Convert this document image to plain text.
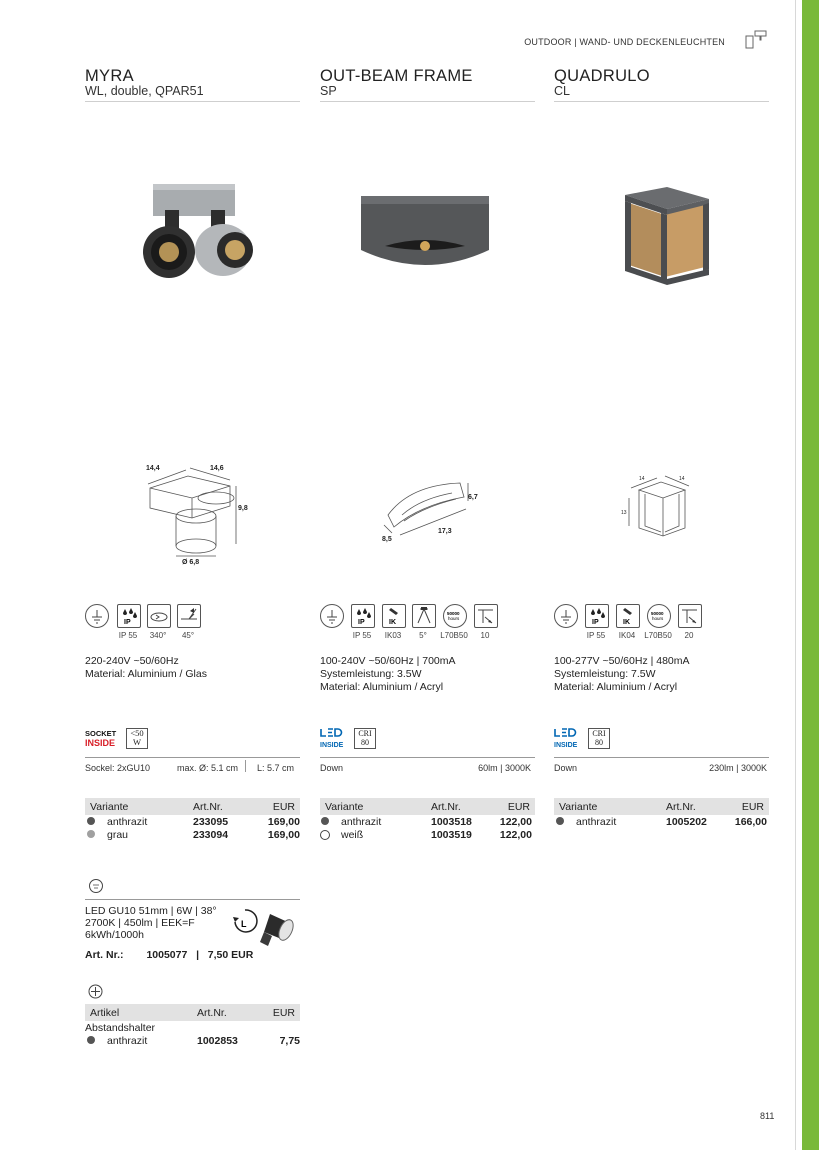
OUTDOOR | WAND- UND DECKENLEUCHTEN
MYRA
WL, double, QPAR51
14,4	14,6
9,8
Ø 6,8
IP
IP 55	340°	45°
220-240V ~50/60Hz
Material: Aluminium / Glas
SOCKET
INSIDE
<50
W
Sockel: 2xGU10	max. Ø: 5.1 cm L: 5.7 cm
Variante	Art.Nr.	EUR
anthrazit	233095	169,00
grau	233094	169,00
LED GU10 51mm | 6W | 38°
2700K | 450lm | EEK=F
6kWh/1000h
L
Art. Nr.: 1005077   |   7,50 EUR
Artikel	Art.Nr.	EUR
Abstandshalter
anthrazit	1002853	7,75
OUT-BEAM FRAME
SP
6,7
17,3
8,5
IP	IK
50000
hours
IP 55	IK03	5°	L70B50	10
100-240V ~50/60Hz | 700mA
Systemleistung: 3.5W
Material: Aluminium / Acryl
INSIDE
CRI
80
Down	60lm | 3000K
Variante	Art.Nr.	EUR
anthrazit	1003518	122,00
weiß	1003519	122,00
QUADRULO
CL
14	14
13
IP	IK
50000
hours
IP 55	IK04	L70B50	20
100-277V ~50/60Hz | 480mA
Systemleistung: 7.5W
Material: Aluminium / Acryl
INSIDE
CRI
80
Down	230lm | 3000K
Variante	Art.Nr.	EUR
anthrazit	1005202	166,00
811
